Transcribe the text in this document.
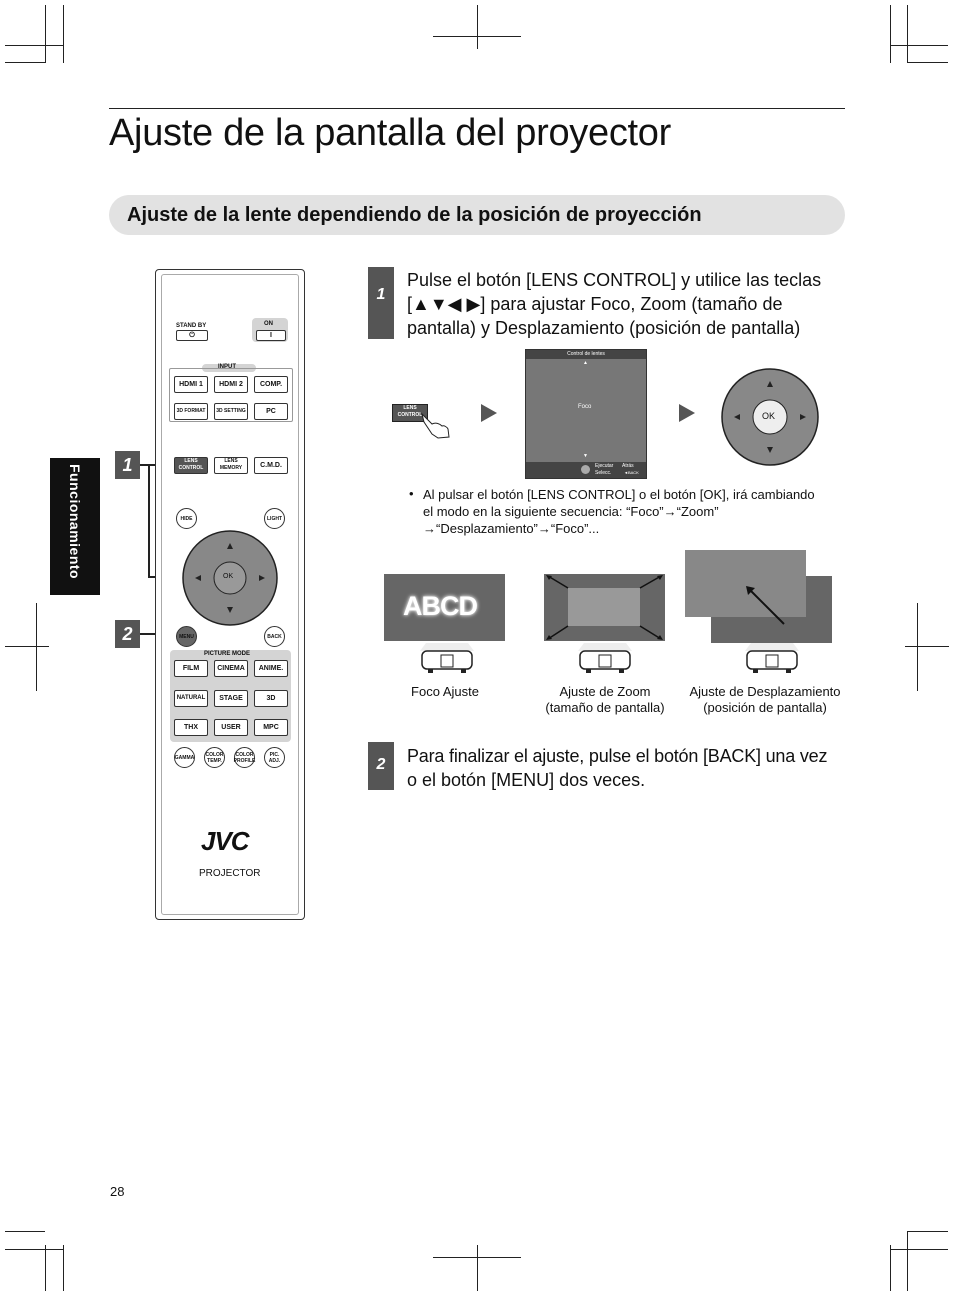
Ajuste de la pantalla del proyector
Ajuste de la lente dependiendo de la posición de proyección
Funcionamiento	1
2
STAND BY
⏻
ON
I
INPUT
HDMI 1	HDMI 2	COMP.
3D FORMAT	3D SETTING	PC
LENS
CONTROL
LENS
MEMORY	C.M.D.
HIDE	LIGHT
OK
MENU	BACK
PICTURE MODE
FILM	CINEMA	ANIME.
NATURAL	STAGE	3D
THX	USER	MPC
GAMMA COLOR
TEMP.
COLOR
PROFILE
PIC.
ADJ.
JVC
PROJECTOR
1
Pulse el botón [LENS CONTROL] y utilice las teclas
[▲▼◀ ▶] para ajustar Foco, Zoom (tamaño de
pantalla) y Desplazamiento (posición de pantalla)
LENS
CONTROL
Control de lentes
▲
Foco
▼
Ejecutar
Selecc.
Atrás
◄BACK
OK
• Al pulsar el botón [LENS CONTROL] o el botón [OK], irá cambiando
el modo en la siguiente secuencia: “Foco”→“Zoom”
→“Desplazamiento”→“Foco”...
ABCD
Foco Ajuste	Ajuste de Zoom
(tamaño de pantalla)
Ajuste de Desplazamiento
(posición de pantalla)
2	Para finalizar el ajuste, pulse el botón [BACK] una vez
o el botón [MENU] dos veces.
28
